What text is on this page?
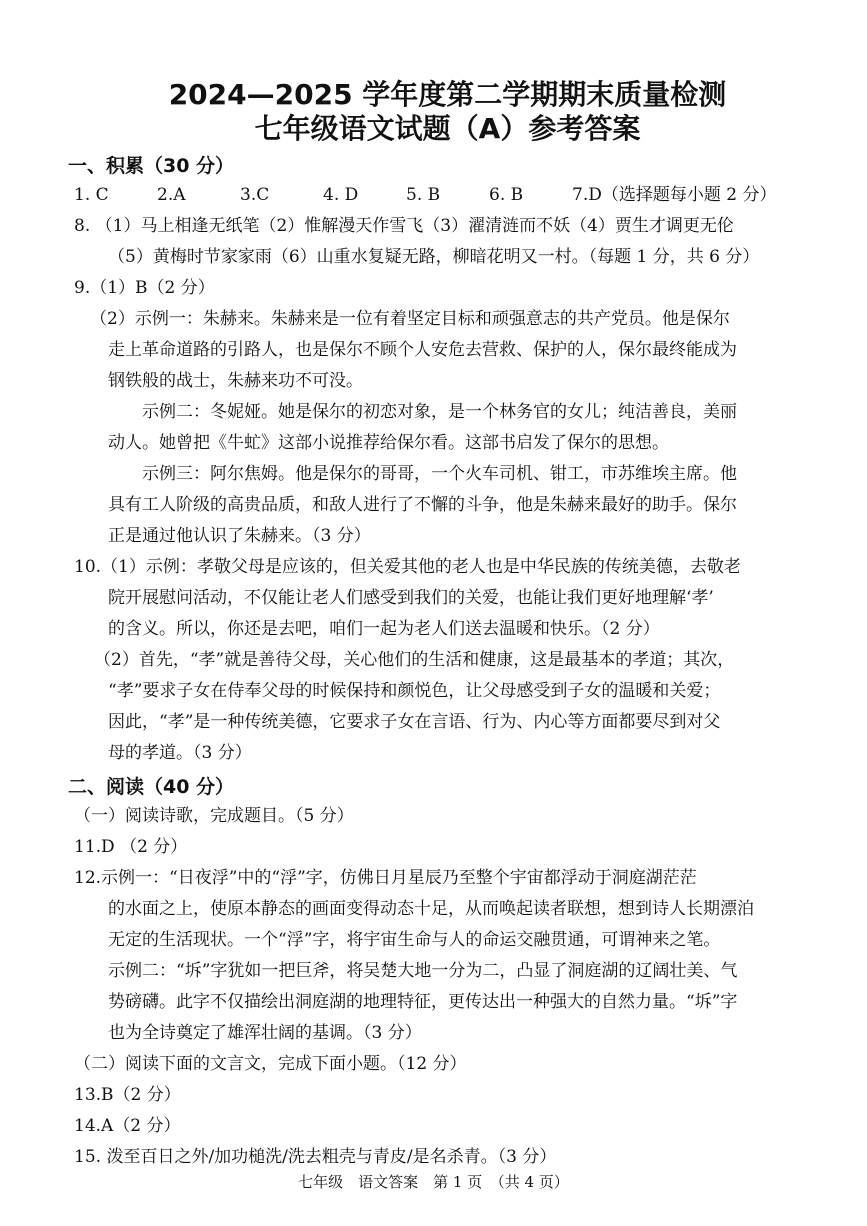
2024—2025 学年度第二学期期末质量检测
七年级语文试题（A）参考答案

一、积累（30 分）

1. C	2.A	3.C	4. D	5. B	6. B	7.D（选择题每小题 2 分）

8. （1）马上相逢无纸笔（2）惟解漫天作雪飞（3）濯清涟而不妖（4）贾生才调更无伦

（5）黄梅时节家家雨（6）山重水复疑无路，柳暗花明又一村。（每题 1 分，共 6 分）

9.（1）B（2 分）

（2）示例一：朱赫来。朱赫来是一位有着坚定目标和顽强意志的共产党员。他是保尔

走上革命道路的引路人，也是保尔不顾个人安危去营救、保护的人，保尔最终能成为

钢铁般的战士，朱赫来功不可没。

示例二：冬妮娅。她是保尔的初恋对象，是一个林务官的女儿；纯洁善良，美丽

动人。她曾把《牛虻》这部小说推荐给保尔看。这部书启发了保尔的思想。

示例三：阿尔焦姆。他是保尔的哥哥，一个火车司机、钳工，市苏维埃主席。他

具有工人阶级的高贵品质，和敌人进行了不懈的斗争，他是朱赫来最好的助手。保尔

正是通过他认识了朱赫来。（3 分）

10.（1）示例：孝敬父母是应该的，但关爱其他的老人也是中华民族的传统美德，去敬老

院开展慰问活动，不仅能让老人们感受到我们的关爱，也能让我们更好地理解‘孝’

的含义。所以，你还是去吧，咱们一起为老人们送去温暖和快乐。（2 分）

（2）首先，“孝”就是善待父母，关心他们的生活和健康，这是最基本的孝道；其次，

“孝”要求子女在侍奉父母的时候保持和颜悦色，让父母感受到子女的温暖和关爱；

因此，“孝”是一种传统美德，它要求子女在言语、行为、内心等方面都要尽到对父

母的孝道。（3 分）

二、阅读（40 分）

（一）阅读诗歌，完成题目。（5 分）

11.D （2 分）

12.示例一：“日夜浮”中的“浮”字，仿佛日月星辰乃至整个宇宙都浮动于洞庭湖茫茫

的水面之上，使原本静态的画面变得动态十足，从而唤起读者联想，想到诗人长期漂泊

无定的生活现状。一个“浮”字，将宇宙生命与人的命运交融贯通，可谓神来之笔。

示例二：“坼”字犹如一把巨斧，将吴楚大地一分为二，凸显了洞庭湖的辽阔壮美、气

势磅礴。此字不仅描绘出洞庭湖的地理特征，更传达出一种强大的自然力量。“坼”字

也为全诗奠定了雄浑壮阔的基调。（3 分）

（二）阅读下面的文言文，完成下面小题。（12 分）

13.B（2 分）

14.A（2 分）

15. 泼至百日之外/加功槌洗/洗去粗壳与青皮/是名杀青。（3 分）

七年级　语文答案　第 1 页　（共 4 页）
